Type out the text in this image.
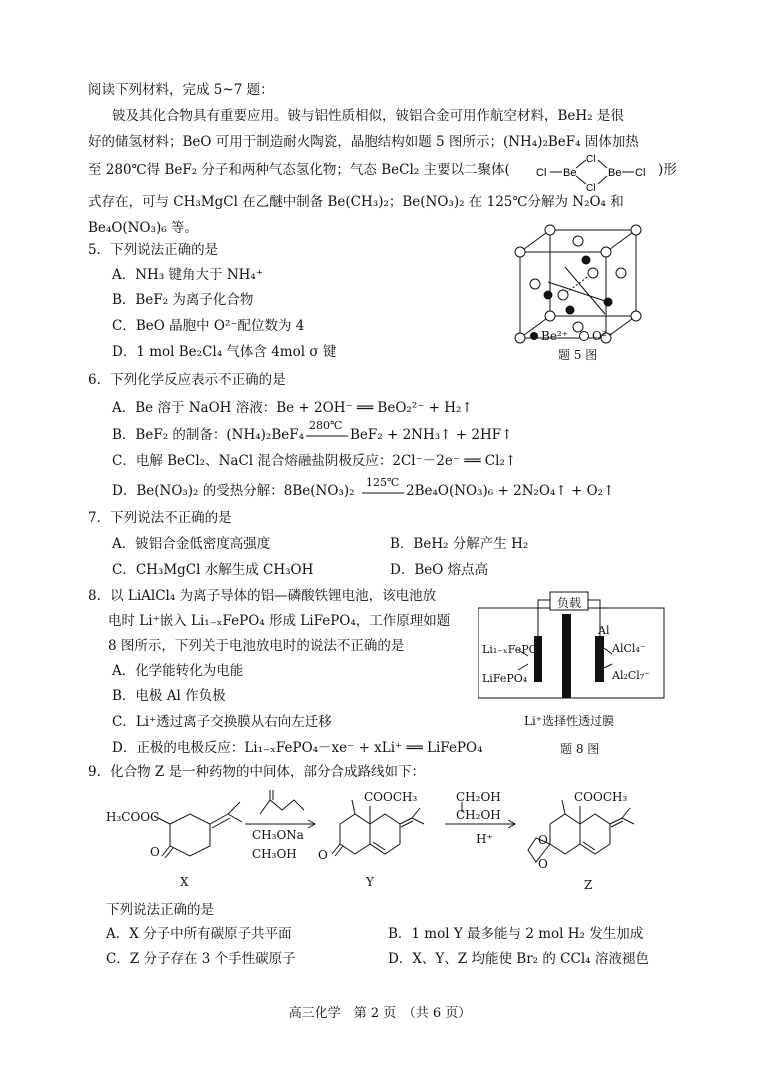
阅读下列材料，完成 5~7 题：
铍及其化合物具有重要应用。铍与铝性质相似，铍铝合金可用作航空材料，BeH₂ 是很
好的储氢材料；BeO 可用于制造耐火陶瓷，晶胞结构如题 5 图所示；(NH₄)₂BeF₄ 固体加热
至 280℃得 BeF₂ 分子和两种气态氢化物；气态 BeCl₂ 主要以二聚体( Cl Be
Cl
Cl
Be Cl )形
式存在，可与 CH₃MgCl 在乙醚中制备 Be(CH₃)₂；Be(NO₃)₂ 在 125℃分解为 N₂O₄ 和
Be₄O(NO₃)₆ 等。
5．下列说法正确的是
A．NH₃ 键角大于 NH₄⁺
B．BeF₂ 为离子化合物
C．BeO 晶胞中 O²⁻配位数为 4
D．1 mol Be₂Cl₄ 气体含 4mol σ 键
Be²⁺ O²⁻
题 5 图
6．下列化学反应表示不正确的是
A．Be 溶于 NaOH 溶液：Be + 2OH⁻ ══ BeO₂²⁻ + H₂↑
B．BeF₂ 的制备：(NH₄)₂BeF₄
280℃
BeF₂ + 2NH₃↑ + 2HF↑
C．电解 BeCl₂、NaCl 混合熔融盐阴极反应：2Cl⁻－2e⁻ ══ Cl₂↑
D．Be(NO₃)₂ 的受热分解：8Be(NO₃)₂
125℃
2Be₄O(NO₃)₆ + 2N₂O₄↑ + O₂↑
7．下列说法不正确的是
A．铍铝合金低密度高强度	B．BeH₂ 分解产生 H₂
C．CH₃MgCl 水解生成 CH₃OH	D．BeO 熔点高
8．以 LiAlCl₄ 为离子导体的铝—磷酸铁锂电池，该电池放
电时 Li⁺嵌入 Li₁₋ₓFePO₄ 形成 LiFePO₄，工作原理如题
8 图所示，下列关于电池放电时的说法不正确的是
A．化学能转化为电能
B．电极 Al 作负极
C．Li⁺透过离子交换膜从右向左迁移
D．正极的电极反应：Li₁₋ₓFePO₄－xe⁻ + xLi⁺ ══ LiFePO₄
负载
Li₁₋ₓFePO₄
LiFePO₄
Al
AlCl₄⁻
Al₂Cl₇⁻
Li⁺选择性透过膜
题 8 图
9．化合物 Z 是一种药物的中间体，部分合成路线如下：
H₃COOC
O
CH₃ONa
CH₃OH
COOCH₃
O
CH₂OH
CH₂OH
H⁺
COOCH₃
O
O
X	Y	Z
下列说法正确的是
A．X 分子中所有碳原子共平面	B．1 mol Y 最多能与 2 mol H₂ 发生加成
C．Z 分子存在 3 个手性碳原子	D．X、Y、Z 均能使 Br₂ 的 CCl₄ 溶液褪色
高三化学　第 2 页　（共 6 页）
